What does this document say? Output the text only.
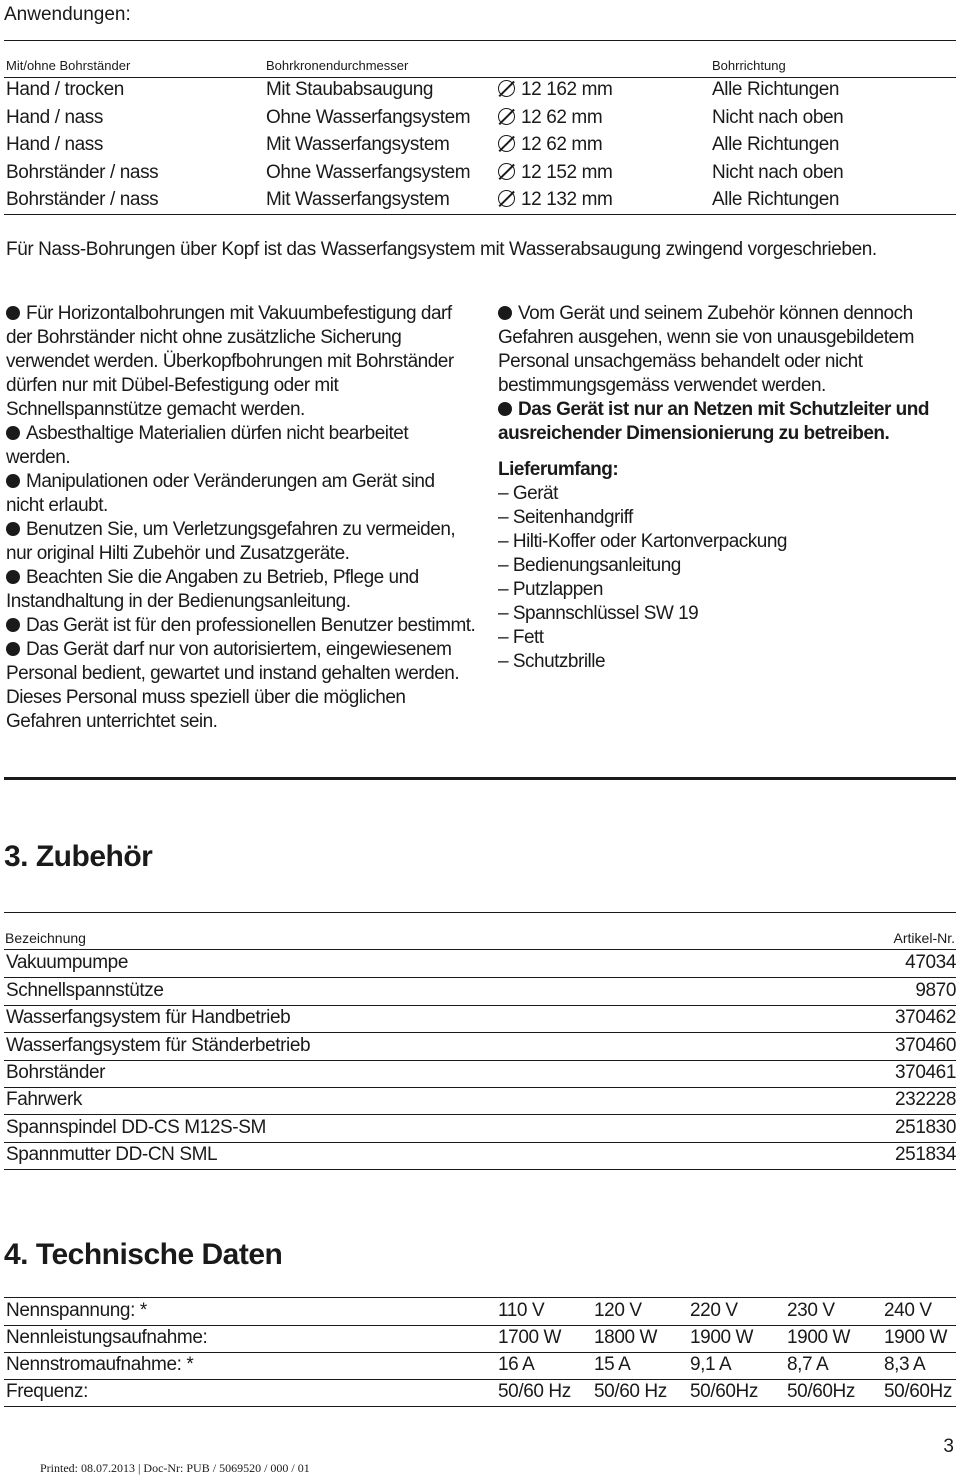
Anwendungen:
Mit/ohne Bohrständer	Bohrkronendurchmesser	Bohrrichtung
Hand / trocken	Mit Staubabsaugung	12 162 mm	Alle Richtungen
Hand / nass	Ohne Wasserfangsystem	12 62 mm	Nicht nach oben
Hand / nass	Mit Wasserfangsystem	12 62 mm	Alle Richtungen
Bohrständer / nass	Ohne Wasserfangsystem	12 152 mm	Nicht nach oben
Bohrständer / nass	Mit Wasserfangsystem	12 132 mm	Alle Richtungen
Für Nass-Bohrungen über Kopf ist das Wasserfangsystem mit Wasserabsaugung zwingend vorgeschrieben.
Für Horizontalbohrungen mit Vakuumbefestigung darf der Bohrständer nicht ohne zusätzliche Sicherung verwendet werden. Überkopfbohrungen mit Bohrständer dürfen nur mit Dübel-Befestigung oder mit Schnellspannstütze gemacht werden.
Asbesthaltige Materialien dürfen nicht bearbeitet werden.
Manipulationen oder Veränderungen am Gerät sind nicht erlaubt.
Benutzen Sie, um Verletzungsgefahren zu vermeiden, nur original Hilti Zubehör und Zusatzgeräte.
Beachten Sie die Angaben zu Betrieb, Pflege und Instandhaltung in der Bedienungsanleitung.
Das Gerät ist für den professionellen Benutzer bestimmt.
Das Gerät darf nur von autorisiertem, eingewiesenem Personal bedient, gewartet und instand gehalten werden. Dieses Personal muss speziell über die möglichen Gefahren unterrichtet sein.
Vom Gerät und seinem Zubehör können dennoch Gefahren ausgehen, wenn sie von unausgebildetem Personal unsachgemäss behandelt oder nicht bestimmungsgemäss verwendet werden.
Das Gerät ist nur an Netzen mit Schutzleiter und ausreichender Dimensionierung zu betreiben.
Lieferumfang:
– Gerät
– Seitenhandgriff
– Hilti-Koffer oder Kartonverpackung
– Bedienungsanleitung
– Putzlappen
– Spannschlüssel SW 19
– Fett
– Schutzbrille
3. Zubehör
Bezeichnung	Artikel-Nr.
Vakuumpumpe	47034
Schnellspannstütze	9870
Wasserfangsystem für Handbetrieb	370462
Wasserfangsystem für Ständerbetrieb	370460
Bohrständer	370461
Fahrwerk	232228
Spannspindel DD-CS M12S-SM	251830
Spannmutter DD-CN SML	251834
4. Technische Daten
Nennspannung: *	110 V	120 V	220 V	230 V	240 V
Nennleistungsaufnahme:	1700 W 1800 W 1900 W 1900 W 1900 W
Nennstromaufnahme: *	16 A	15 A	9,1 A	8,7 A	8,3 A
Frequenz:	50/60 Hz 50/60 Hz 50/60Hz 50/60Hz 50/60Hz
3
Printed: 08.07.2013 | Doc-Nr: PUB / 5069520 / 000 / 01
